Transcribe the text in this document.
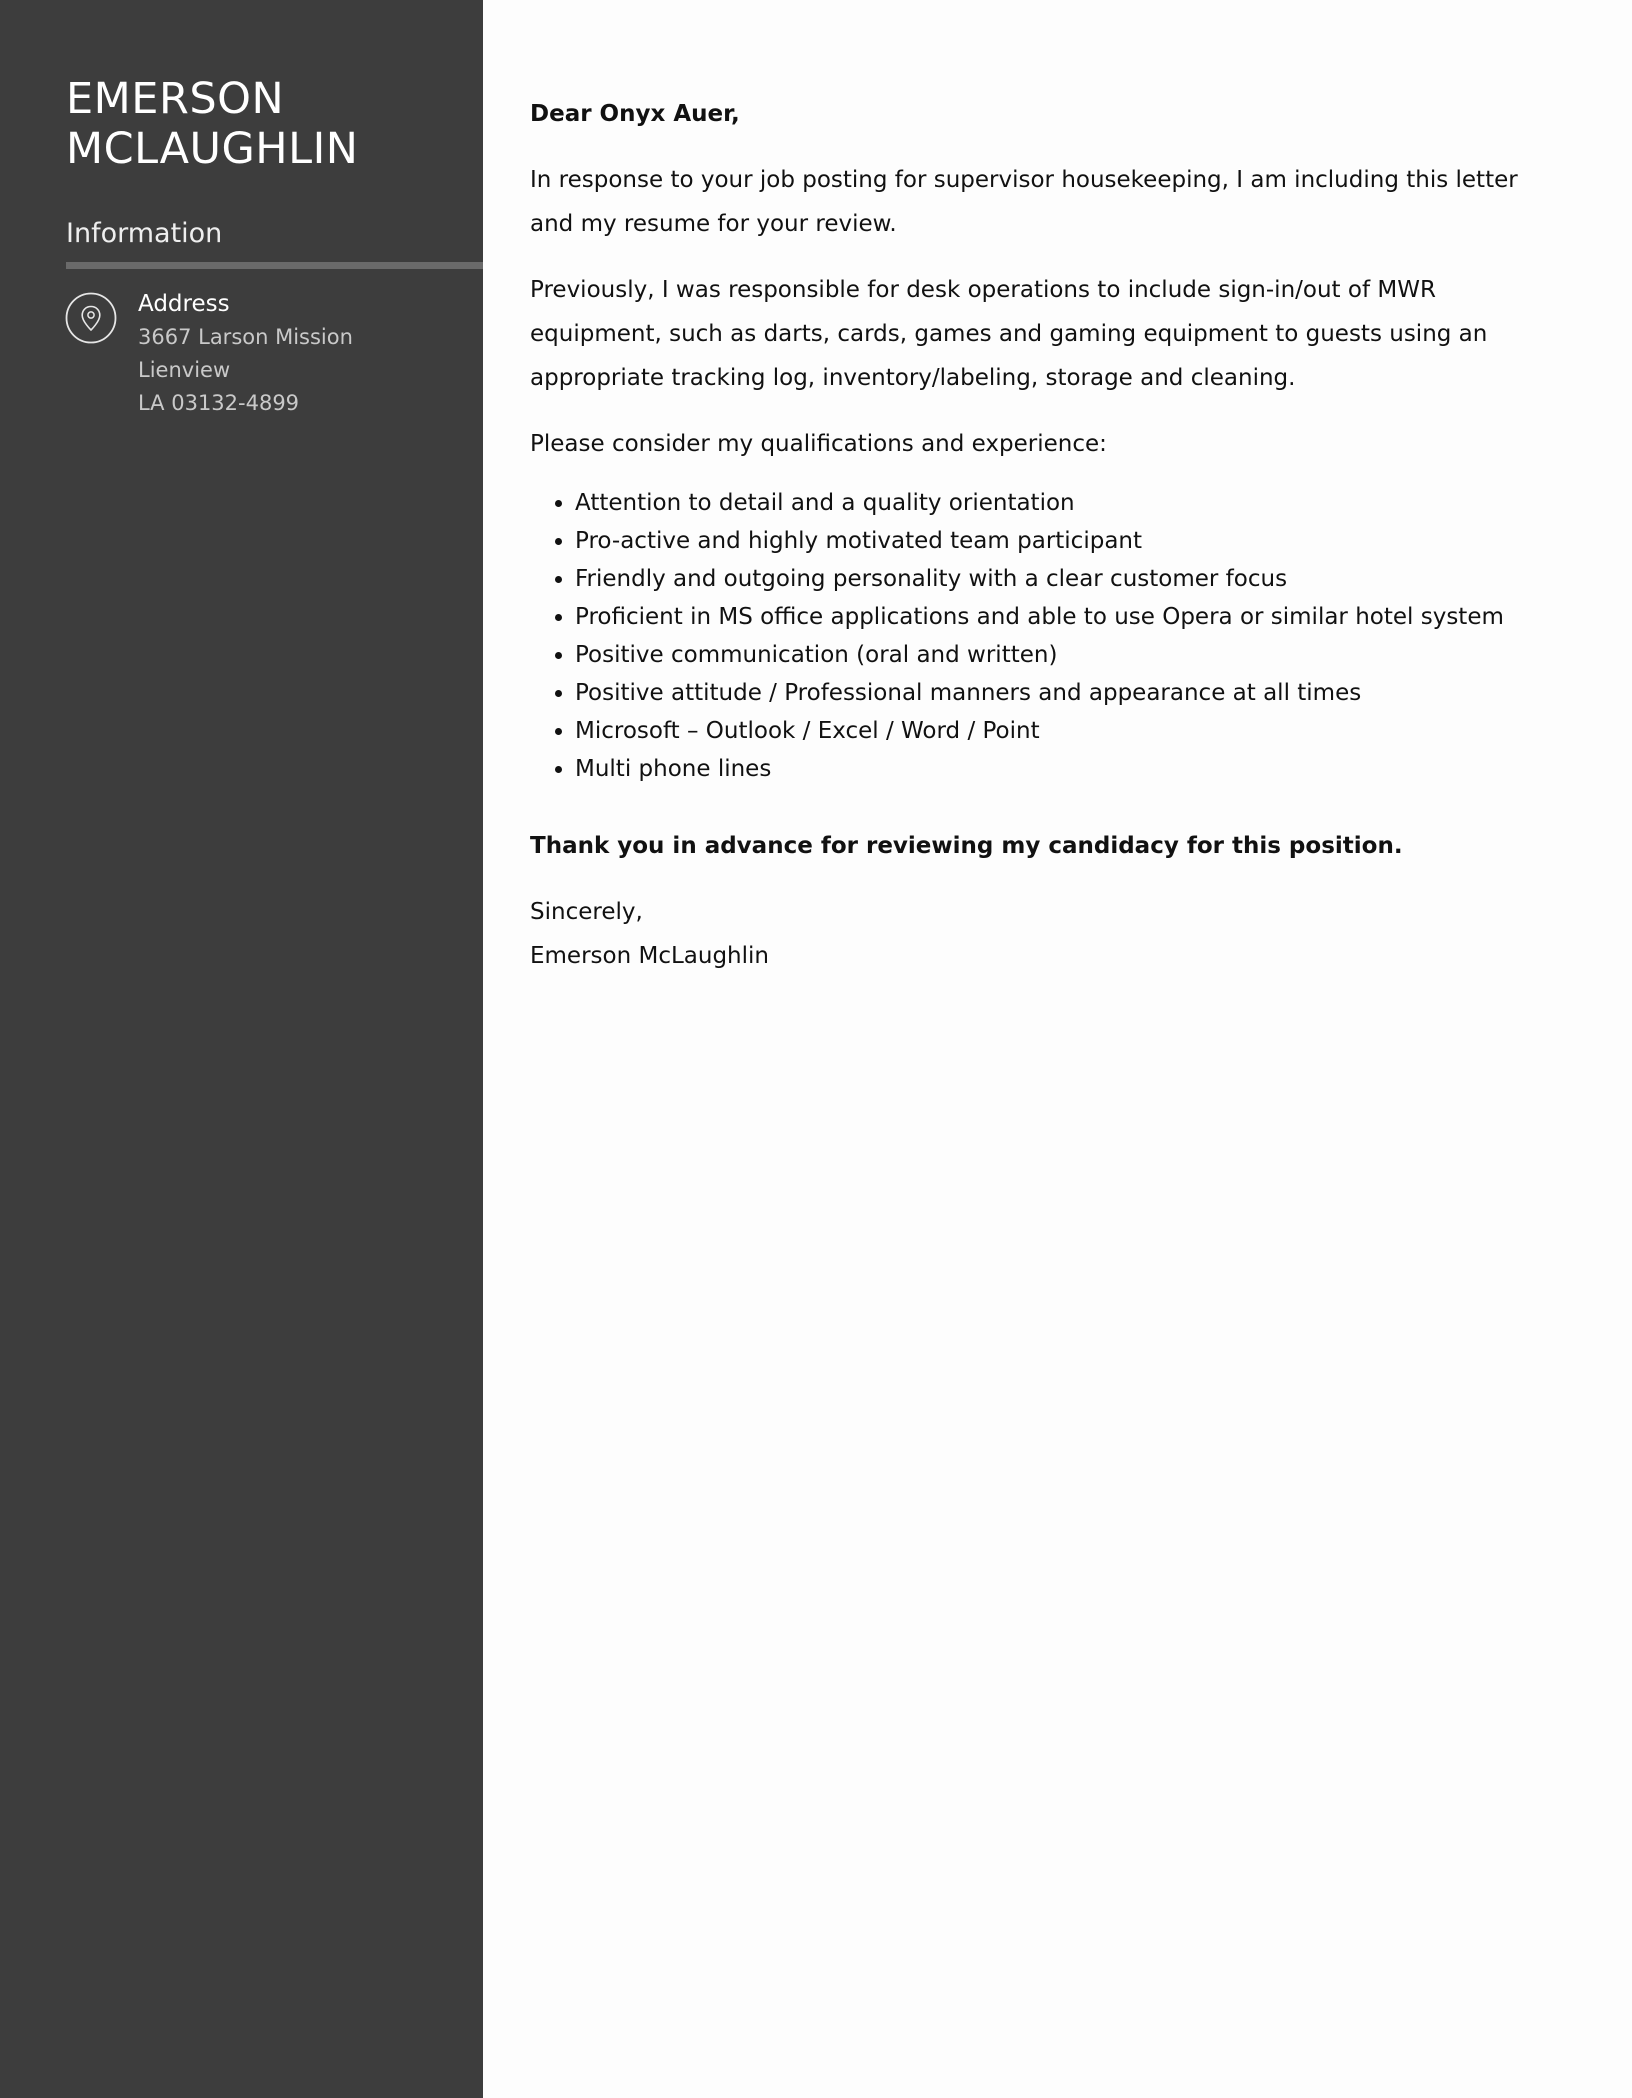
EMERSON
MCLAUGHLIN
Information
Address
3667 Larson Mission
Lienview
LA 03132-4899

Dear Onyx Auer,

In response to your job posting for supervisor housekeeping, I am including this letter and my resume for your review.

Previously, I was responsible for desk operations to include sign-in/out of MWR equipment, such as darts, cards, games and gaming equipment to guests using an appropriate tracking log, inventory/labeling, storage and cleaning.

Please consider my qualifications and experience:

• Attention to detail and a quality orientation
• Pro-active and highly motivated team participant
• Friendly and outgoing personality with a clear customer focus
• Proficient in MS office applications and able to use Opera or similar hotel system
• Positive communication (oral and written)
• Positive attitude / Professional manners and appearance at all times
• Microsoft – Outlook / Excel / Word / Point
• Multi phone lines

Thank you in advance for reviewing my candidacy for this position.

Sincerely,

Emerson McLaughlin
